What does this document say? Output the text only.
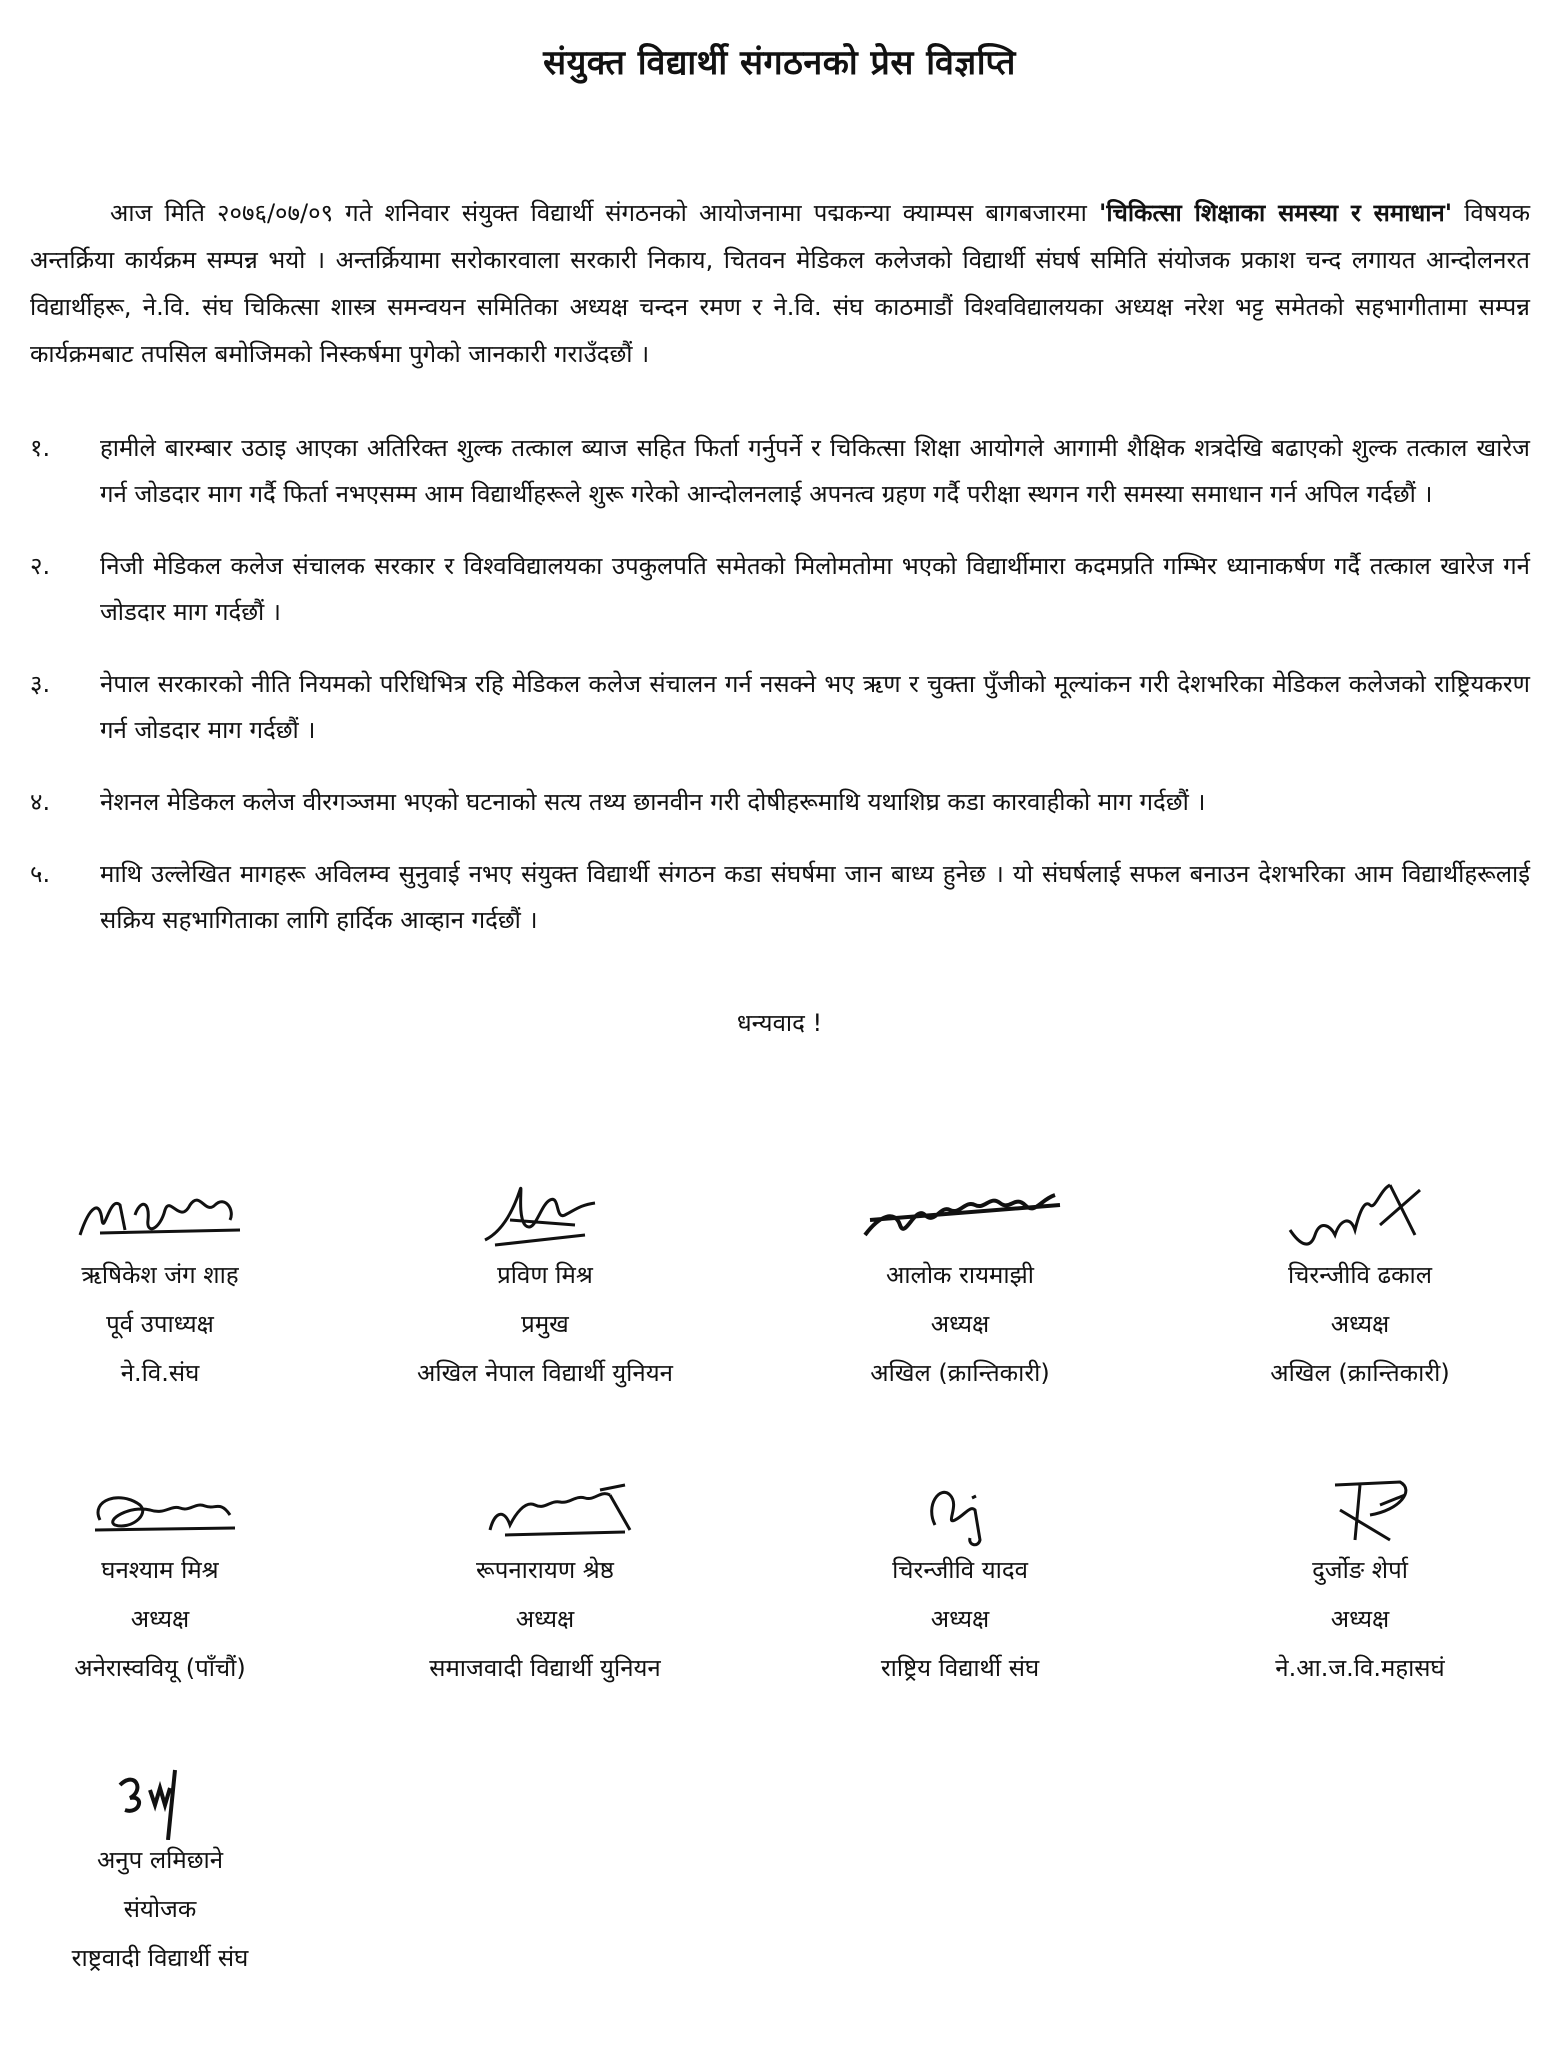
संयुक्त विद्यार्थी संगठनको प्रेस विज्ञप्ति

आज मिति २०७६/०७/०९ गते शनिवार संयुक्त विद्यार्थी संगठनको आयोजनामा पद्मकन्या क्याम्पस बागबजारमा 'चिकित्सा शिक्षाका समस्या र समाधान' विषयक अन्तर्क्रिया कार्यक्रम सम्पन्न भयो । अन्तर्क्रियामा सरोकारवाला सरकारी निकाय, चितवन मेडिकल कलेजको विद्यार्थी संघर्ष समिति संयोजक प्रकाश चन्द लगायत आन्दोलनरत विद्यार्थीहरू, ने.वि. संघ चिकित्सा शास्त्र समन्वयन समितिका अध्यक्ष चन्दन रमण र ने.वि. संघ काठमाडौं विश्वविद्यालयका अध्यक्ष नरेश भट्ट समेतको सहभागीतामा सम्पन्न कार्यक्रमबाट तपसिल बमोजिमको निस्कर्षमा पुगेको जानकारी गराउँदछौं ।

१. हामीले बारम्बार उठाइ आएका अतिरिक्त शुल्क तत्काल ब्याज सहित फिर्ता गर्नुपर्ने र चिकित्सा शिक्षा आयोगले आगामी शैक्षिक शत्रदेखि बढाएको शुल्क तत्काल खारेज गर्न जोडदार माग गर्दै फिर्ता नभएसम्म आम विद्यार्थीहरूले शुरू गरेको आन्दोलनलाई अपनत्व ग्रहण गर्दै परीक्षा स्थगन गरी समस्या समाधान गर्न अपिल गर्दछौं ।
२. निजी मेडिकल कलेज संचालक सरकार र विश्वविद्यालयका उपकुलपति समेतको मिलोमतोमा भएको विद्यार्थीमारा कदमप्रति गम्भिर ध्यानाकर्षण गर्दै तत्काल खारेज गर्न जोडदार माग गर्दछौं ।
३. नेपाल सरकारको नीति नियमको परिधिभित्र रहि मेडिकल कलेज संचालन गर्न नसक्ने भए ऋण र चुक्ता पुँजीको मूल्यांकन गरी देशभरिका मेडिकल कलेजको राष्ट्रियकरण गर्न जोडदार माग गर्दछौं ।
४. नेशनल मेडिकल कलेज वीरगञ्जमा भएको घटनाको सत्य तथ्य छानवीन गरी दोषीहरूमाथि यथाशिघ्र कडा कारवाहीको माग गर्दछौं ।
५. माथि उल्लेखित मागहरू अविलम्व सुनुवाई नभए संयुक्त विद्यार्थी संगठन कडा संघर्षमा जान बाध्य हुनेछ । यो संघर्षलाई सफल बनाउन देशभरिका आम विद्यार्थीहरूलाई सक्रिय सहभागिताका लागि हार्दिक आव्हान गर्दछौं ।

धन्यवाद !

ऋषिकेश जंग शाह
पूर्व उपाध्यक्ष
ने.वि.संघ
प्रविण मिश्र
प्रमुख
अखिल नेपाल विद्यार्थी युनियन
आलोक रायमाझी
अध्यक्ष
अखिल (क्रान्तिकारी)
चिरन्जीवि ढकाल
अध्यक्ष
अखिल (क्रान्तिकारी)
घनश्याम मिश्र
अध्यक्ष
अनेरास्ववियू (पाँचौं)
रूपनारायण श्रेष्ठ
अध्यक्ष
समाजवादी विद्यार्थी युनियन
चिरन्जीवि यादव
अध्यक्ष
राष्ट्रिय विद्यार्थी संघ
दुर्जोङ शेर्पा
अध्यक्ष
ने.आ.ज.वि.महासघं
अनुप लमिछाने
संयोजक
राष्ट्रवादी विद्यार्थी संघ
